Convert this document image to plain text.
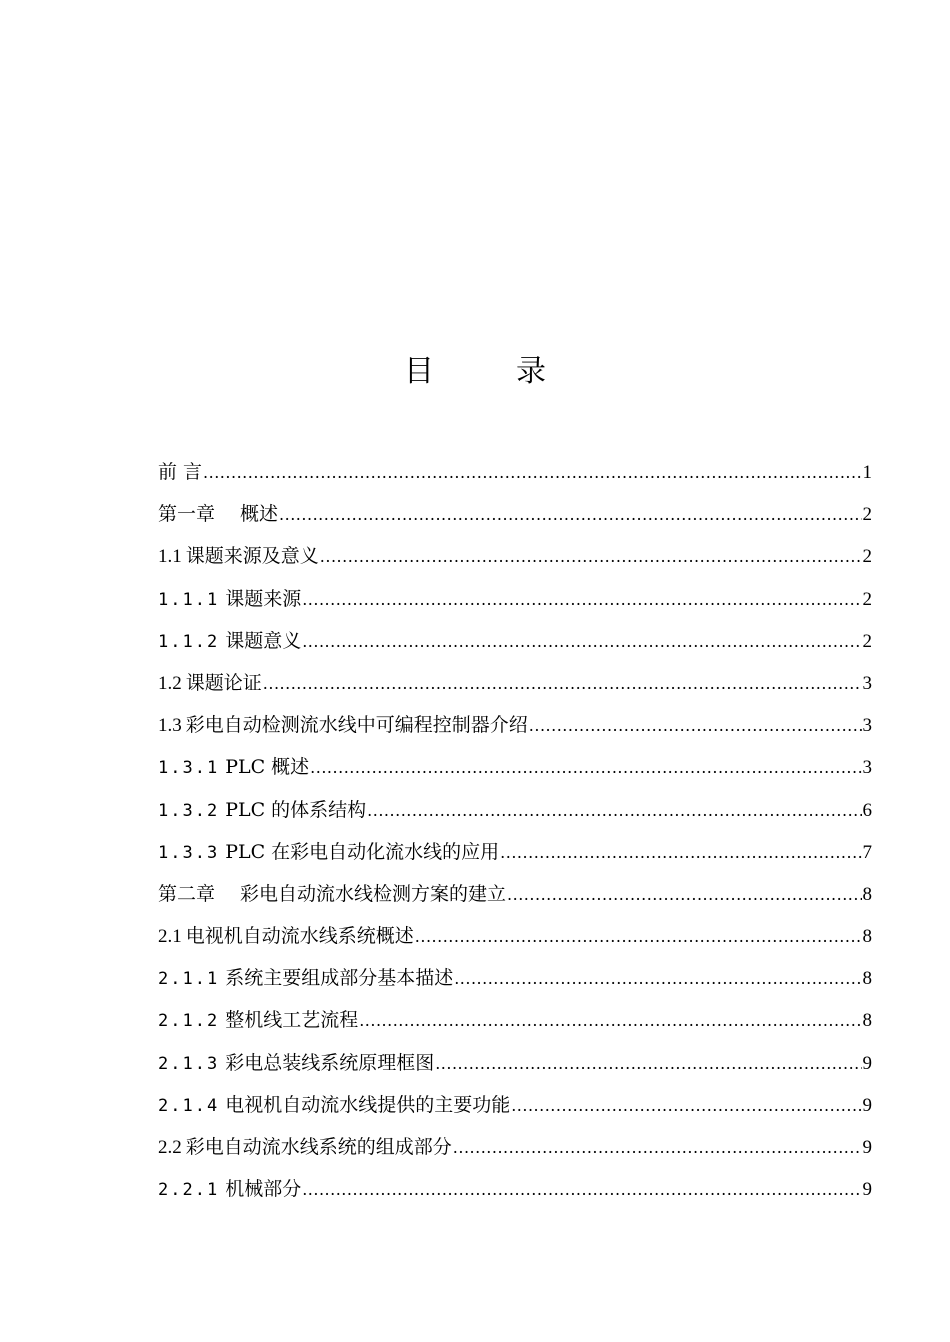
目　录
前 言 .....	1
第一章　 概述 .....	2
1.1 课题来源及意义 .....	2
1.1.1 课题来源 .....	2
1.1.2 课题意义 .....	2
1.2 课题论证 .....	3
1.3 彩电自动检测流水线中可编程控制器介绍 .....	3
1.3.1 PLC 概述 .....	3
1.3.2 PLC 的体系结构 .....	6
1.3.3 PLC 在彩电自动化流水线的应用 .....	7
第二章　 彩电自动流水线检测方案的建立 .....	8
2.1 电视机自动流水线系统概述 .....	8
2.1.1 系统主要组成部分基本描述 .....	8
2.1.2 整机线工艺流程 .....	8
2.1.3 彩电总装线系统原理框图 .....	9
2.1.4 电视机自动流水线提供的主要功能 .....	9
2.2 彩电自动流水线系统的组成部分 .....	9
2.2.1 机械部分 .....	9
